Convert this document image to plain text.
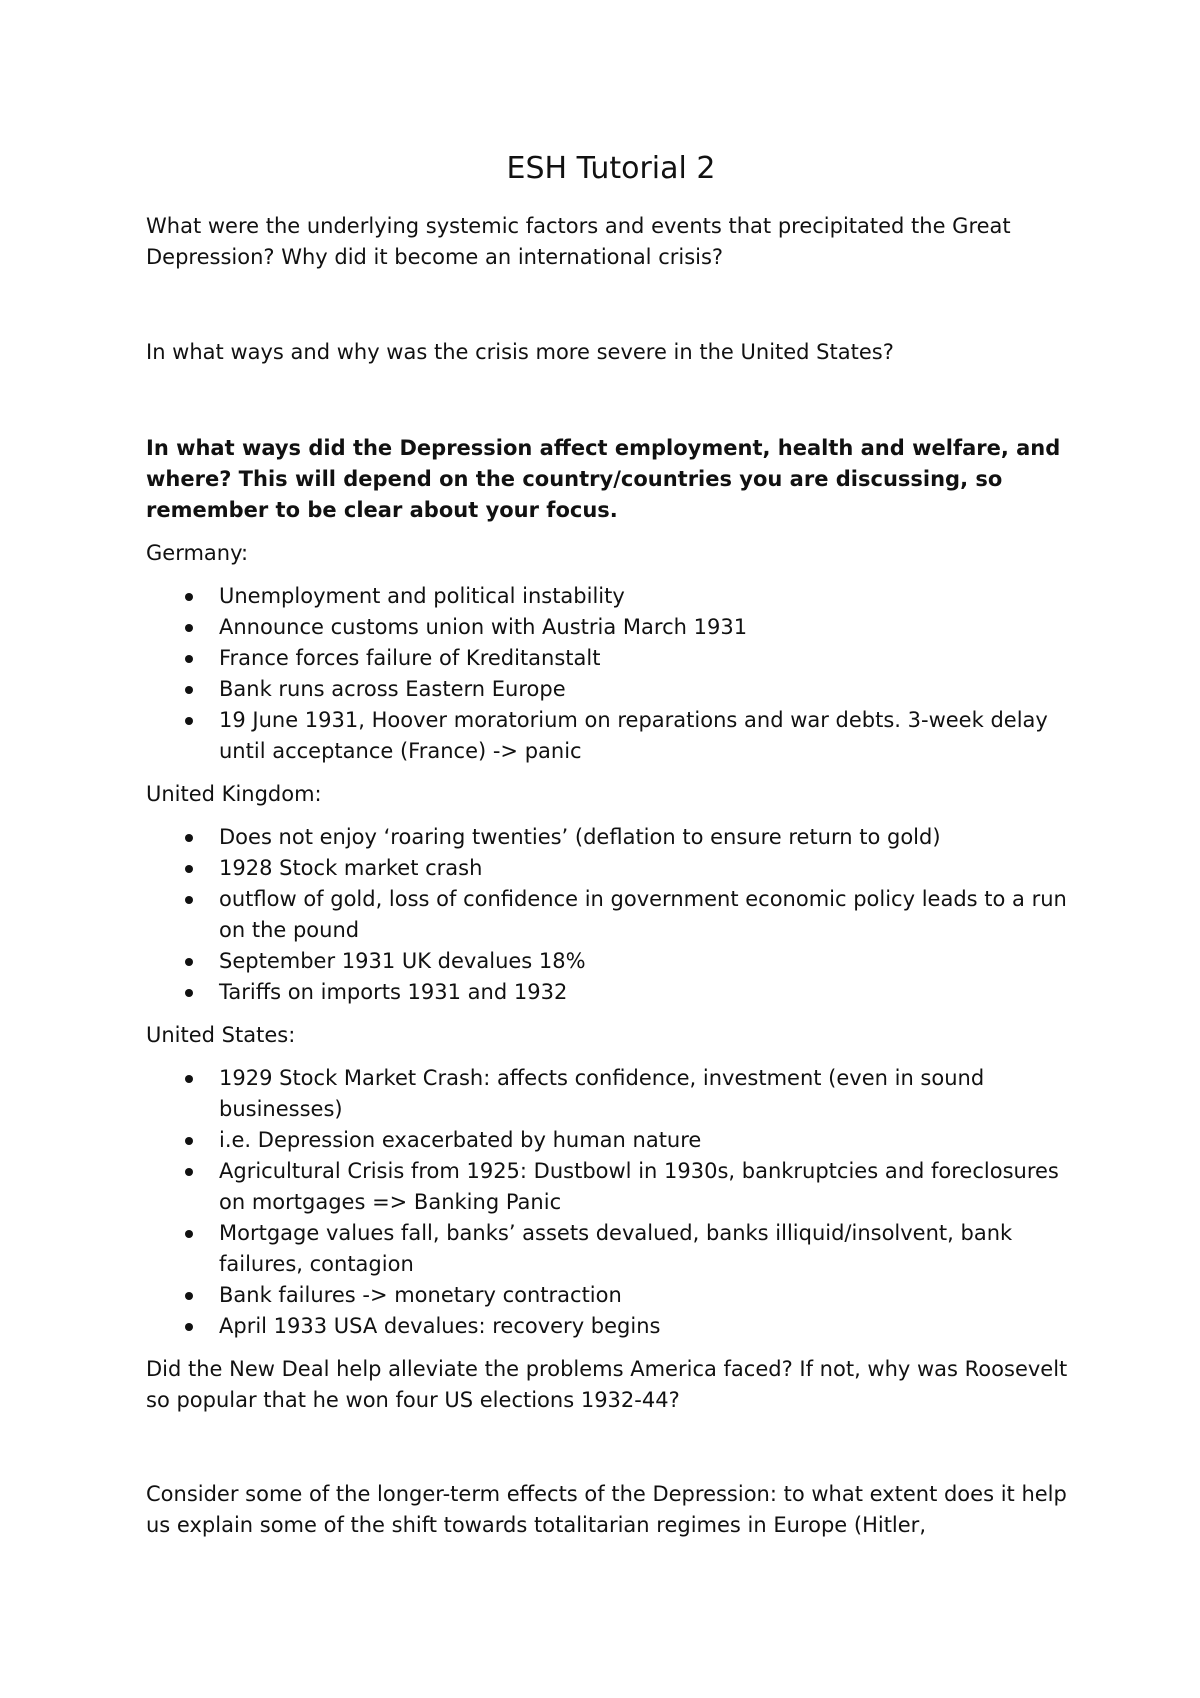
ESH Tutorial 2

What were the underlying systemic factors and events that precipitated the Great Depression? Why did it become an international crisis?

In what ways and why was the crisis more severe in the United States?

In what ways did the Depression affect employment, health and welfare, and where? This will depend on the country/countries you are discussing, so remember to be clear about your focus.

Germany:

Unemployment and political instability
Announce customs union with Austria March 1931
France forces failure of Kreditanstalt
Bank runs across Eastern Europe
19 June 1931, Hoover moratorium on reparations and war debts. 3-week delay until acceptance (France) -> panic

United Kingdom:

Does not enjoy ‘roaring twenties’ (deflation to ensure return to gold)
1928 Stock market crash
outflow of gold, loss of confidence in government economic policy leads to a run on the pound
September 1931 UK devalues 18%
Tariffs on imports 1931 and 1932

United States:

1929 Stock Market Crash: affects confidence, investment (even in sound businesses)
i.e. Depression exacerbated by human nature
Agricultural Crisis from 1925: Dustbowl in 1930s, bankruptcies and foreclosures on mortgages => Banking Panic
Mortgage values fall, banks’ assets devalued, banks illiquid/insolvent, bank failures, contagion
Bank failures -> monetary contraction
April 1933 USA devalues: recovery begins

Did the New Deal help alleviate the problems America faced? If not, why was Roosevelt so popular that he won four US elections 1932-44?

Consider some of the longer-term effects of the Depression: to what extent does it help us explain some of the shift towards totalitarian regimes in Europe (Hitler,
